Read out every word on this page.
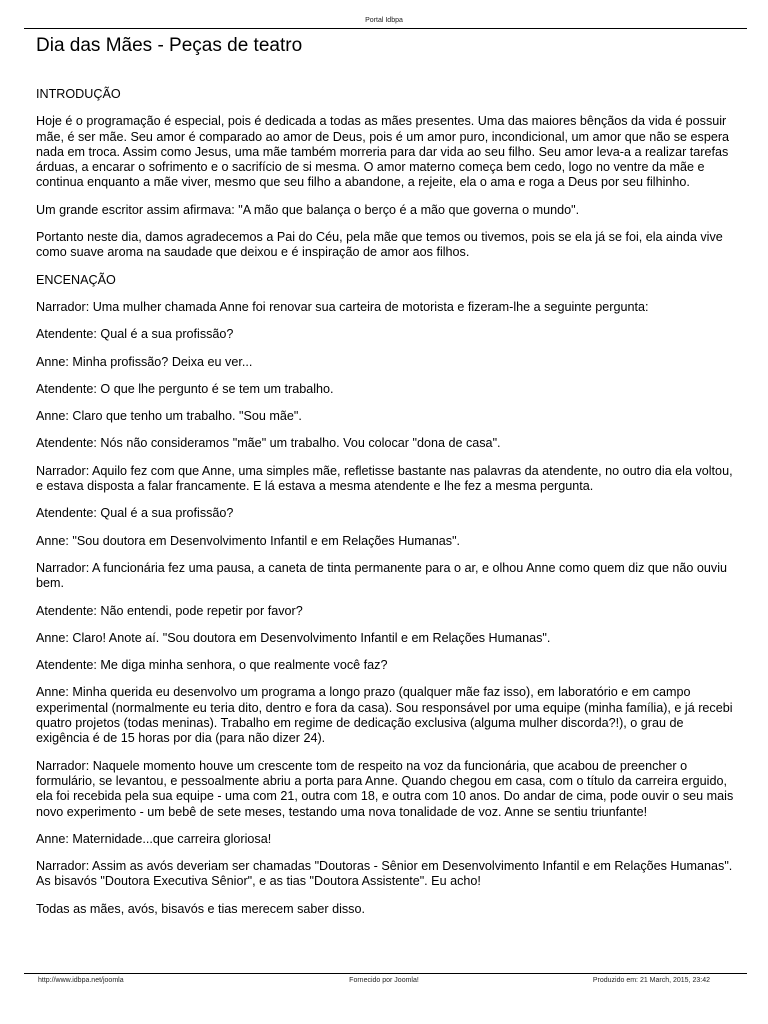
Portal Idbpa
Dia das Mães - Peças de teatro

INTRODUÇÃO

Hoje é o programação é especial, pois é dedicada a todas as mães presentes. Uma das maiores bênçãos da vida é possuir mãe, é ser mãe. Seu amor é comparado ao amor de Deus, pois é um amor puro, incondicional, um amor que não se espera nada em troca. Assim como Jesus, uma mãe também morreria para dar vida ao seu filho. Seu amor leva-a a realizar tarefas árduas, a encarar o sofrimento e o sacrifício de si mesma. O amor materno começa bem cedo, logo no ventre da mãe e continua enquanto a mãe viver, mesmo que seu filho a abandone, a rejeite, ela o ama e roga a Deus por seu filhinho.

Um grande escritor assim afirmava: "A mão que balança o berço é a mão que governa o mundo".

Portanto neste dia, damos agradecemos a Pai do Céu, pela mãe que temos ou tivemos, pois se ela já se foi, ela ainda vive como suave aroma na saudade que deixou e é inspiração de amor aos filhos.

ENCENAÇÃO

Narrador: Uma mulher chamada Anne foi renovar sua carteira de motorista e fizeram-lhe a seguinte pergunta:

Atendente: Qual é a sua profissão?

Anne: Minha profissão? Deixa eu ver...

Atendente: O que lhe pergunto é se tem um trabalho.

Anne: Claro que tenho um trabalho. "Sou mãe".

Atendente: Nós não consideramos "mãe" um trabalho. Vou colocar "dona de casa".

Narrador: Aquilo fez com que Anne, uma simples mãe, refletisse bastante nas palavras da atendente, no outro dia ela voltou, e estava disposta a falar francamente. E lá estava a mesma atendente e lhe fez a mesma pergunta.

Atendente: Qual é a sua profissão?

Anne: "Sou doutora em Desenvolvimento Infantil e em Relações Humanas".

Narrador: A funcionária fez uma pausa, a caneta de tinta permanente para o ar, e olhou Anne como quem diz que não ouviu bem.

Atendente: Não entendi, pode repetir por favor?

Anne: Claro! Anote aí. "Sou doutora em Desenvolvimento Infantil e em Relações Humanas".

Atendente: Me diga minha senhora, o que realmente você faz?

Anne: Minha querida eu desenvolvo um programa a longo prazo (qualquer mãe faz isso), em laboratório e em campo experimental (normalmente eu teria dito, dentro e fora da casa). Sou responsável por uma equipe (minha família), e já recebi quatro projetos (todas meninas). Trabalho em regime de dedicação exclusiva (alguma mulher discorda?!), o grau de exigência é de 15 horas por dia (para não dizer 24).

Narrador: Naquele momento houve um crescente tom de respeito na voz da funcionária, que acabou de preencher o formulário, se levantou, e pessoalmente abriu a porta para Anne. Quando chegou em casa, com o título da carreira erguido, ela foi recebida pela sua equipe - uma com 21, outra com 18, e outra com 10 anos. Do andar de cima, pode ouvir o seu mais novo experimento - um bebê de sete meses, testando uma nova tonalidade de voz. Anne se sentiu triunfante!

Anne: Maternidade...que carreira gloriosa!

Narrador: Assim as avós deveriam ser chamadas "Doutoras - Sênior em Desenvolvimento Infantil e em Relações Humanas". As bisavós "Doutora Executiva Sênior", e as tias "Doutora Assistente". Eu acho!

Todas as mães, avós, bisavós e tias merecem saber disso.

Fornecido por Joomla!
http://www.idbpa.net/joomla	Produzido em: 21 March, 2015, 23:42
